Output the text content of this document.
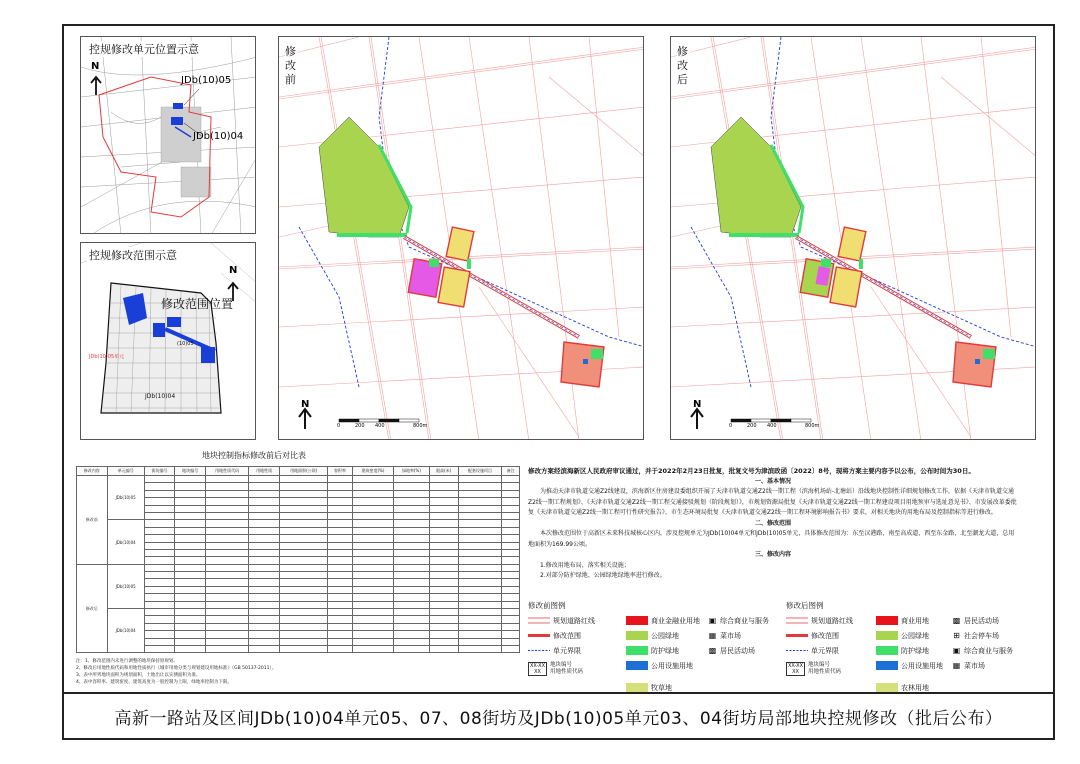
控规修改单元位置示意
N
JDb(10)05
JDb(10)04
控规修改范围示意
N
修改范围位置
JDb(10)05单元
(10)05
JDb(10)04
修改前
N
0	200 400	800m
修改后
N
0	200 400	800m
地块控制指标修改前后对比表
修改内容	单元编号	街坊编号	地块编号	用地性质代码	用地性质	用地面积(公顷)	容积率	建筑密度(%)	绿地率(%)	限高(米)	配套设施项目	备注
修改前	JDb(10)05											

	JDb(10)04											

修改后	JDb(10)05											

	JDb(10)04											

注：1、修改范围内未进行调整的地块保持原规划。
2、修改后用地性质代码和用地性质执行《城市用地分类与规划建设用地标准》（GB 50137-2011）。
3、表中所列地块面积为规划面积，土地出让以实测面积为准。
4、表中容积率、建筑密度、建筑高度为一般控制为上限，绿地率控制为下限。
修改方案经滨海新区人民政府审议通过，并于2022年2月23日批复，批复文号为津滨政函〔2022〕8号，现将方案主要内容予以公布，公布时间为30日。
一、基本情况
为推动天津市轨道交通Z2线建设，滨海新区住房建设委组织开展了天津市轨道交通Z2线一期工程（滨海机场站-北塘站）沿线地块控制性详细规划修改工作，依据《天津市轨道交通Z2线一期工程规划》、《天津市轨道交通Z2线一期工程交通接驳规划（阶段规划）》，市规划资源局批复《天津市轨道交通Z2线一期工程建设项目用地预审与选址意见书》、市发展改革委批复《天津市轨道交通Z2线一期工程可行性研究报告》、市生态环境局批复《天津市轨道交通Z2线一期工程环境影响报告书》要求，对相关地块的用地布局及控制指标等进行修改。
二、修改范围
本次修改范围位于高新区未来科技城核心区内，涉及控规单元为JDb(10)04单元和JDb(10)05单元，具体修改范围为：东至汉港路，南至高成道，西至东金路，北至潮龙大道，总用地面积为169.99公顷。
三、修改内容
1.修改用地布局，落实相关设施；
2.对部分防护绿地、公园绿地绿地率进行修改。
修改前图例
规划道路红线	商业金融业用地 ▣ 综合商业与服务
修改范围	公园绿地	▦ 菜市场
单元界限	防护绿地	▩ 居民活动场
XX-XX
XX
地块编号
用地性质代码
公用设施用地
牧草地
修改后图例
规划道路红线	商业用地	▩ 居民活动场
修改范围	公园绿地	⊞ 社会停车场
单元界限	防护绿地	▣ 综合商业与服务
XX-XX
XX
地块编号
用地性质代码
公用设施用地 ▦ 菜市场
农林用地
高新一路站及区间JDb(10)04单元05、07、08街坊及JDb(10)05单元03、04街坊局部地块控规修改（批后公布）
